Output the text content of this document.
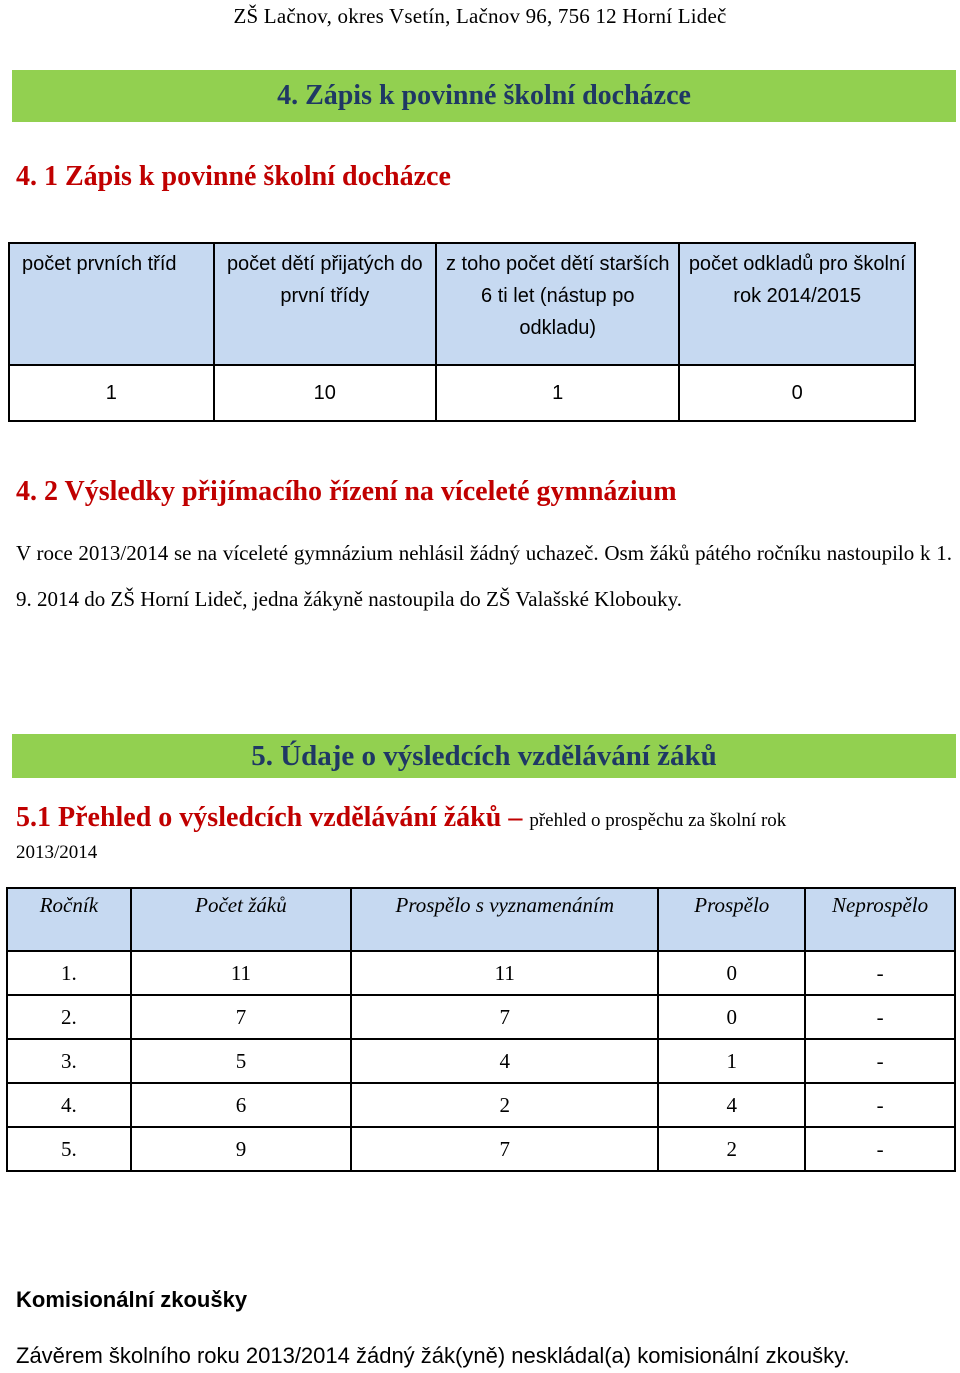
ZŠ Lačnov, okres Vsetín, Lačnov 96, 756 12 Horní Lideč
4. Zápis k povinné školní docházce
4. 1 Zápis k povinné školní docházce
počet prvních tříd	počet dětí přijatých do první třídy	z toho počet dětí starších 6 ti let (nástup po odkladu)	počet odkladů pro školní rok 2014/2015
1	10	1	0
4. 2 Výsledky přijímacího řízení na víceleté gymnázium
V roce 2013/2014 se na víceleté gymnázium nehlásil žádný uchazeč. Osm žáků pátého ročníku nastoupilo k 1. 9. 2014 do ZŠ Horní Lideč, jedna žákyně nastoupila do ZŠ Valašské Klobouky.
5. Údaje o výsledcích vzdělávání žáků
5.1 Přehled o výsledcích vzdělávání žáků – přehled o prospěchu za školní rok
2013/2014
Ročník	Počet žáků	Prospělo s vyznamenáním	Prospělo	Neprospělo
1.	11	11	0	-
2.	7	7	0	-
3.	5	4	1	-
4.	6	2	4	-
5.	9	7	2	-
Komisionální zkoušky
Závěrem školního roku 2013/2014 žádný žák(yně) neskládal(a) komisionální zkoušky.
